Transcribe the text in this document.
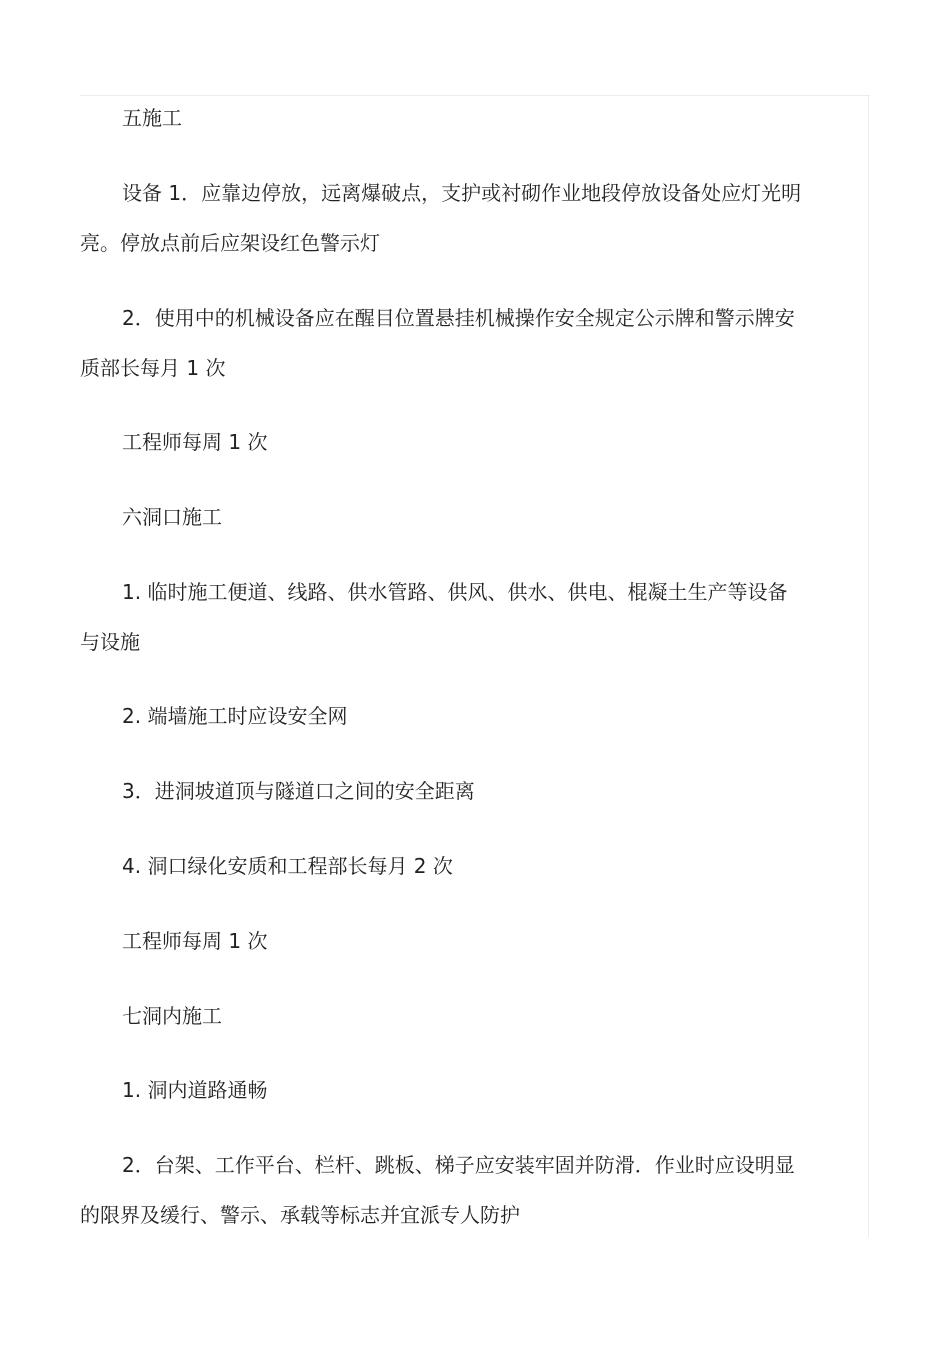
五施工
设备 1．应靠边停放，远离爆破点，支护或衬砌作业地段停放设备处应灯光明
亮。停放点前后应架设红色警示灯
2．使用中的机械设备应在醒目位置悬挂机械操作安全规定公示牌和警示牌安
质部长每月 1 次
工程师每周 1 次
六洞口施工
1. 临时施工便道、线路、供水管路、供风、供水、供电、棍凝土生产等设备
与设施
2. 端墙施工时应设安全网
3．进洞坡道顶与隧道口之间的安全距离
4. 洞口绿化安质和工程部长每月 2 次
工程师每周 1 次
七洞内施工
1. 洞内道路通畅
2．台架、工作平台、栏杆、跳板、梯子应安装牢固并防滑．作业时应设明显
的限界及缓行、警示、承载等标志并宜派专人防护
